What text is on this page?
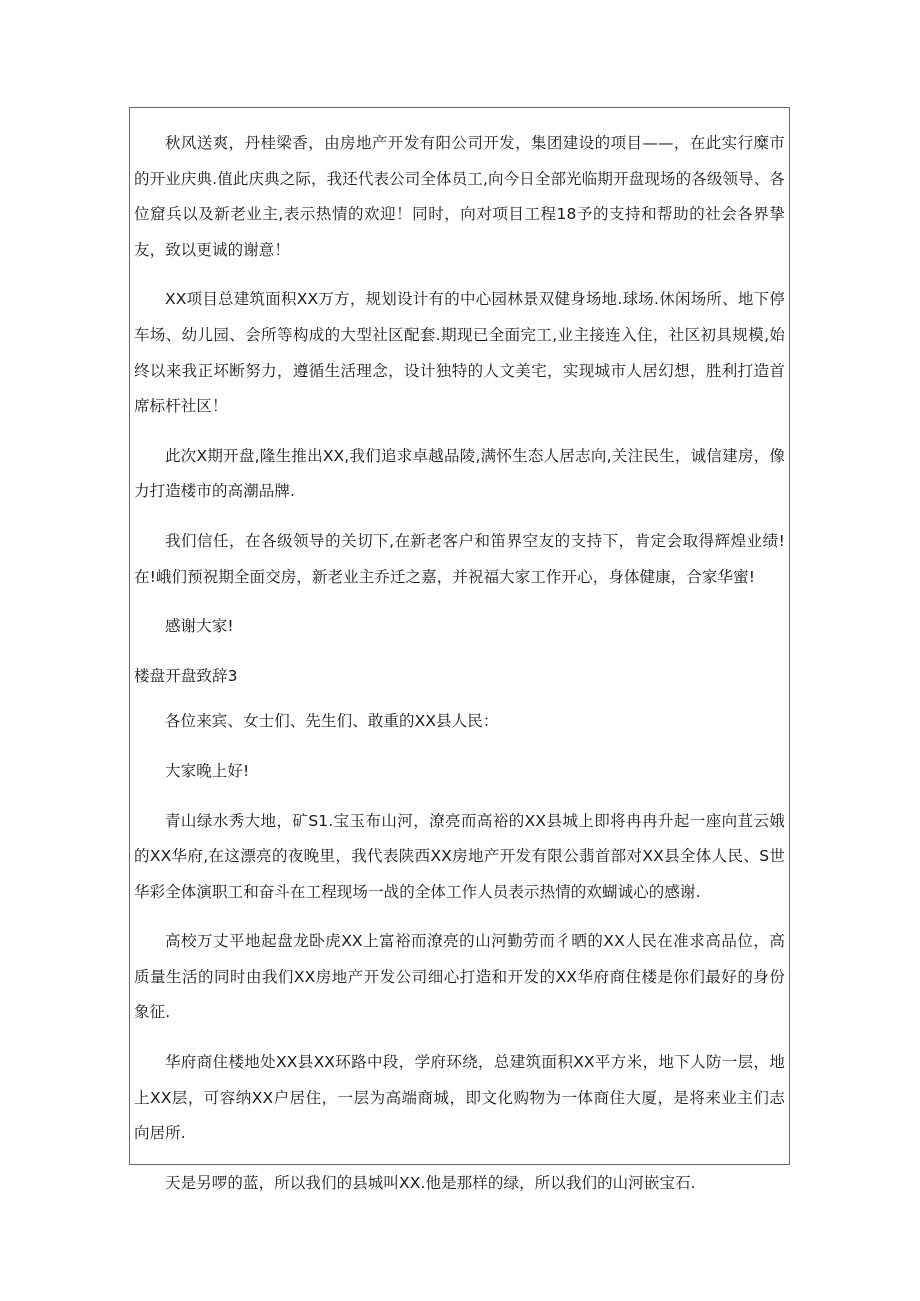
秋风送爽，丹桂梁香，由房地产开发有阳公司开发，集团建设的项目——，在此实行糜市的开业庆典.值此庆典之际，我还代表公司全体员工,向今日全部光临期开盘现场的各级领导、各位窟兵以及新老业主,表示热情的欢迎！同时，向对项目工程18予的支持和帮助的社会各界挚友，致以更诚的谢意！

XX项目总建筑面积XX万方，规划设计有的中心园林景双健身场地.球场.休闲场所、地下停车场、幼儿园、会所等构成的大型社区配套.期现已全面完工,业主接连入住，社区初具规模,始终以来我正坏断努力，遵循生活理念，设计独特的人文美宅，实现城市人居幻想，胜利打造首席标杆社区！

此次X期开盘,隆生推出XX,我们追求卓越品陵,满怀生态人居志向,关注民生，诚信建房，像力打造楼市的高潮品牌.

我们信任，在各级领导的关切下,在新老客户和笛界空友的支持下，肯定会取得辉煌业绩!在!峨们预祝期全面交房，新老业主乔迁之嘉，并祝福大家工作开心，身体健康，合家华蜜!

感谢大家!

楼盘开盘致辞3

各位来宾、女士们、先生们、敢重的XX县人民：

大家晚上好!

青山绿水秀大地，矿S1.宝玉布山河，潦亮而高裕的XX县城上即将冉冉升起一座向苴云娥的XX华府,在这漂亮的夜晚里，我代表陕西XX房地产开发有限公翡首部对XX县全体人民、S世华彩全体演职工和奋斗在工程现场一战的全体工作人员表示热情的欢蝴诚心的感谢.

高校万丈平地起盘龙卧虎XX上富裕而潦亮的山河勤劳而彳晒的XX人民在准求高品位，高质量生活的同时由我们XX房地产开发公司细心打造和开发的XX华府商住楼是你们最好的身份象征.

华府商住楼地处XX县XX环路中段，学府环绕，总建筑面积XX平方米，地下人防一层，地上XX层，可容纳XX户居住，一层为高端商城，即文化购物为一体商住大厦，是将来业主们志向居所.

天是另啰的蓝，所以我们的县城叫XX.他是那样的绿，所以我们的山河嵌宝石.
